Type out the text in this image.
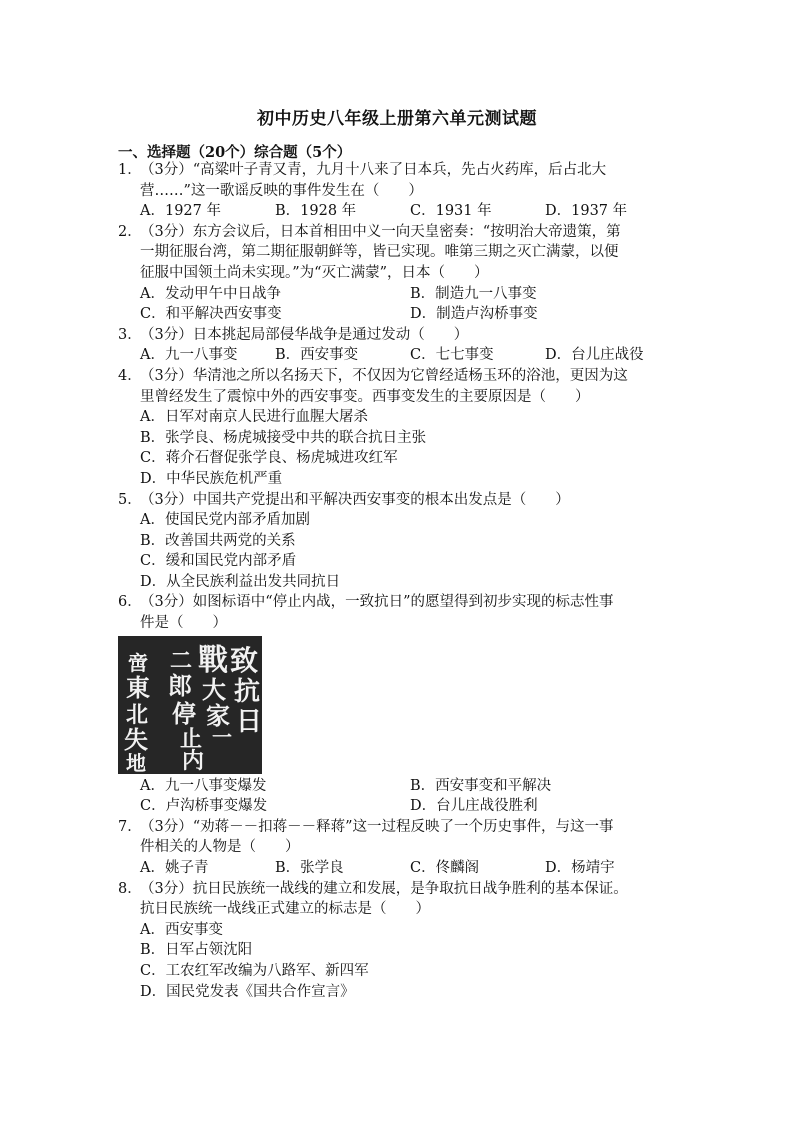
初中历史八年级上册第六单元测试题
一、选择题（20个）综合题（5个）
1．
（3分）“高粱叶子青又青，九月十八来了日本兵，先占火药库，后占北大
营……”这一歌谣反映的事件发生在（　　）
A．1927 年	B．1928 年	C．1931 年	D．1937 年
2．
（3分）东方会议后，日本首相田中义一向天皇密奏：“按明治大帝遗策，第
一期征服台湾，第二期征服朝鲜等，皆已实现。唯第三期之灭亡满蒙，以便
征服中国领土尚未实现。”为“灭亡满蒙”，日本（　　）
A．发动甲午中日战争	B．制造九一八事变
C．和平解决西安事变	D．制造卢沟桥事变
3．
（3分）日本挑起局部侵华战争是通过发动（　　）
A．九一八事变	B．西安事变	C．七七事变	D．台儿庄战役
4．
（3分）华清池之所以名扬天下，不仅因为它曾经适杨玉环的浴池，更因为这
里曾经发生了震惊中外的西安事变。西事变发生的主要原因是（　　）
A．日军对南京人民进行血腥大屠杀
B．张学良、杨虎城接受中共的联合抗日主张
C．蒋介石督促张学良、杨虎城进攻红军
D．中华民族危机严重
5．
（3分）中国共产党提出和平解决西安事变的根本出发点是（　　）
A．使国民党内部矛盾加剧
B．改善国共两党的关系
C．缓和国民党内部矛盾
D．从全民族利益出发共同抗日
6．
（3分）如图标语中“停止内战，一致抗日”的愿望得到初步实现的标志性事
件是（　　）
致
抗
日
戰
大
家
一
二
郎
停
止
内
啻
東
北
失
地
A．九一八事变爆发	B．西安事变和平解决
C．卢沟桥事变爆发	D．台儿庄战役胜利
7．
（3分）“劝蒋－－扣蒋－－释蒋”这一过程反映了一个历史事件，与这一事
件相关的人物是（　　）
A．姚子青	B．张学良	C．佟麟阁	D．杨靖宇
8．
（3分）抗日民族统一战线的建立和发展，是争取抗日战争胜利的基本保证。
抗日民族统一战线正式建立的标志是（　　）
A．西安事变
B．日军占领沈阳
C．工农红军改编为八路军、新四军
D．国民党发表《国共合作宣言》
